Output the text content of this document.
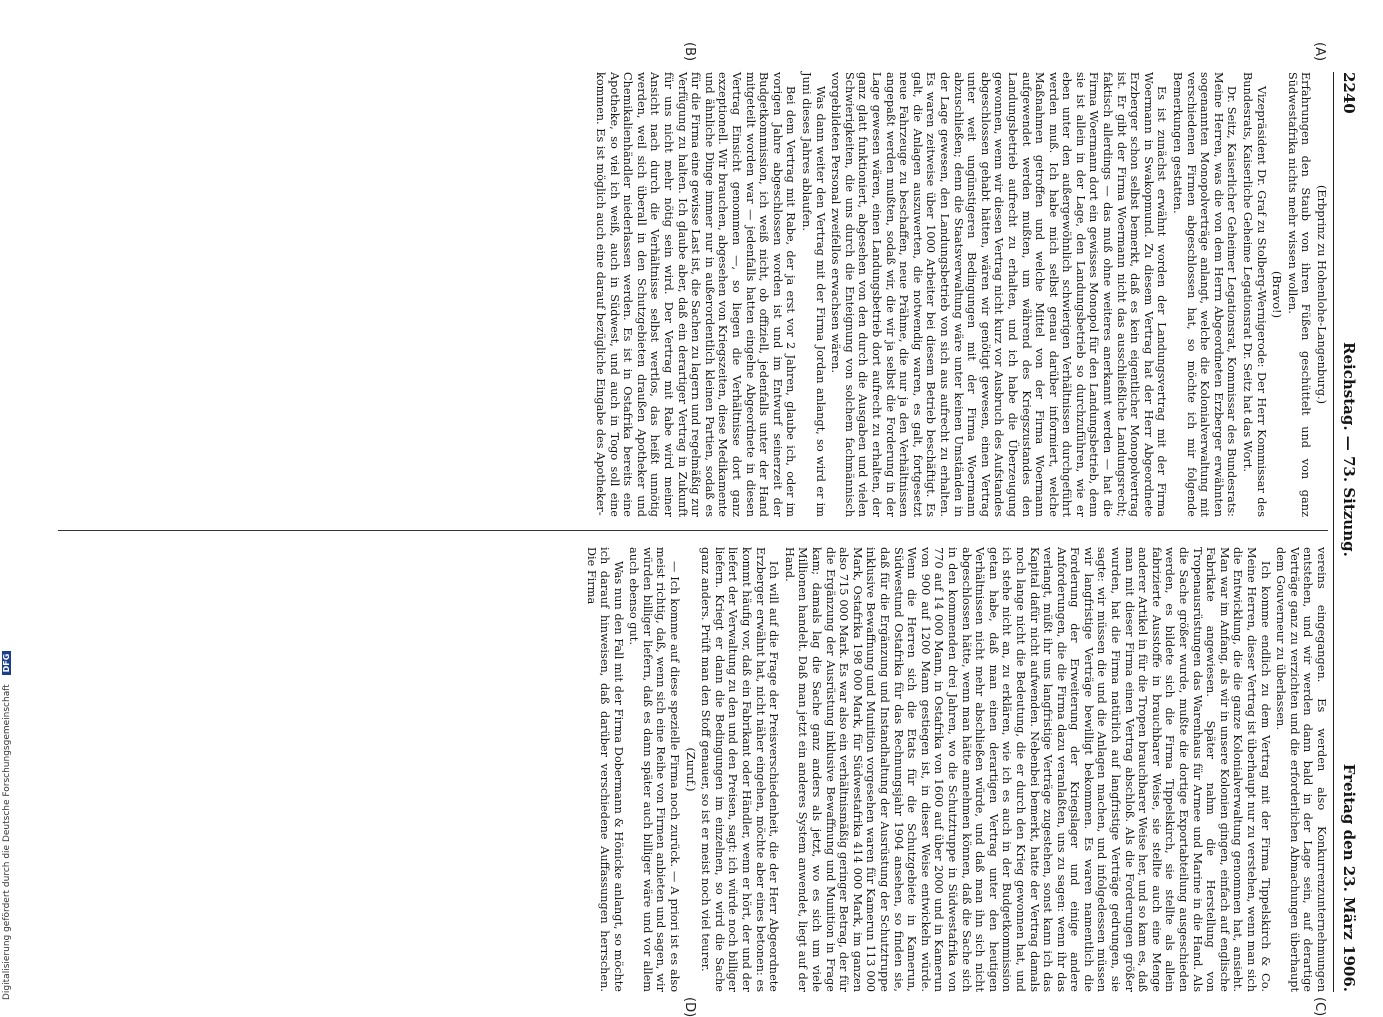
2240
Reichstag. — 73. Sitzung.
Freitag den 23. März 1906.
(A)
(B)
(C)
(D)

(Erbprinz zu Hohenlohe-Langenburg.)

Erfahrungen den Staub von ihren Füßen geschüttelt und von ganz Südwestafrika nichts mehr wissen wollen.

(Bravo!)

Vizepräsident Dr. Graf zu Stolberg-Wernigerode: Der Herr Kommissar des Bundesrats, Kaiserliche Geheime Legationsrat Dr. Seitz hat das Wort.

Dr. Seitz, Kaiserlicher Geheimer Legationsrat, Kommissar des Bundesrats: Meine Herren, was die von dem Herrn Abgeordneten Erzberger erwähnten sogenannten Monopolverträge anlangt, welche die Kolonialverwaltung mit verschiedenen Firmen abgeschlossen hat, so möchte ich mir folgende Bemerkungen gestatten.

Es ist zunächst erwähnt worden der Landungsvertrag mit der Firma Woermann in Swakopmund. Zu diesem Vertrag hat der Herr Abgeordnete Erzberger schon selbst bemerkt, daß es kein eigentlicher Monopolvertrag ist. Er gibt der Firma Woermann nicht das ausschließliche Landungsrecht; faktisch allerdings — das muß ohne weiteres anerkannt werden — hat die Firma Woermann dort ein gewisses Monopol für den Landungsbetrieb, denn sie ist allein in der Lage, den Landungsbetrieb so durchzuführen, wie er eben unter den außergewöhnlich schwierigen Verhältnissen durchgeführt werden muß. Ich habe mich selbst genau darüber informiert, welche Maßnahmen getroffen und welche Mittel von der Firma Woermann aufgewendet werden mußten, um während des Kriegszustandes den Landungsbetrieb aufrecht zu erhalten, und ich habe die Überzeugung gewonnen, wenn wir diesen Vertrag nicht kurz vor Ausbruch des Aufstandes abgeschlossen gehabt hätten, wären wir genötigt gewesen, einen Vertrag unter weit ungünstigeren Bedingungen mit der Firma Woermann abzuschließen; denn die Staatsverwaltung wäre unter keinen Umständen in der Lage gewesen, den Landungsbetrieb von sich aus aufrecht zu erhalten. Es waren zeitweise über 1000 Arbeiter bei diesem Betrieb beschäftigt. Es galt, die Anlagen auszuwerten, die notwendig waren, es galt, fortgesetzt neue Fahrzeuge zu beschaffen, neue Prähme, die nur ja den Verhältnissen angepaßt werden mußten, sodaß wir, die wir ja selbst die Forderung in der Lage gewesen wären, einen Landungsbetrieb dort aufrecht zu erhalten, der ganz glatt funktioniert, abgesehen von den durch die Ausgaben und vielen Schwierigkeiten, die uns durch die Enteignung von solchem fachmännisch vorgebildeten Personal zweifellos erwachsen wären.

Was dann weiter den Vertrag mit der Firma Jordan anlangt, so wird er im Juni dieses Jahres ablaufen.

Bei dem Vertrag mit Rabe, der ja erst vor 2 Jahren, glaube ich, oder im vorigen Jahre abgeschlossen worden ist und im Entwurf seinerzeit der Budgetkommission, ich weiß nicht, ob offiziell, jedenfalls unter der Hand mitgeteilt worden war — jedenfalls hatten eingelne Abgeordnete in diesen Vertrag Einsicht genommen —, so liegen die Verhältnisse dort ganz exzeptionell. Wir brauchen, abgesehen von Kriegszeiten, diese Medikamente und ähnliche Dinge immer nur in außerordentlich kleinen Partien, sodaß es für die Firma eine gewisse Last ist, die Sachen zu lagern und regelmäßig zur Verfügung zu halten. Ich glaube aber, daß ein derartiger Vertrag in Zukunft für uns nicht mehr nötig sein wird. Der Vertrag mit Rabe wird meiner Ansicht nach durch die Verhältnisse selbst wertlos, das heißt unnötig werden, weil sich überall in den Schutzgebieten draußen Apotheker und Chemikalienhändler niederlassen werden. Es ist in Ostafrika bereits eine Apotheke, so viel ich weiß, auch in Südwest, und auch in Togo soll eine kommen. Es ist möglich auch eine darauf bezügliche Eingabe des Apotheker-

vereins eingegangen. Es werden also Konkurrenzunternehmungen entstehen, und wir werden dann bald in der Lage sein, auf derartige Verträge ganz zu verzichten und die erforderlichen Abmachungen überhaupt dem Gouverneur zu überlassen.

Ich komme endlich zu dem Vertrag mit der Firma Tippelskirch & Co. Meine Herren, dieser Vertrag ist überhaupt nur zu verstehen, wenn man sich die Entwicklung, die die ganze Kolonialverwaltung genommen hat, ansieht. Man war im Anfang, als wir in unsere Kolonien gingen, einfach auf englische Fabrikate angewiesen. Später nahm die Herstellung von Tropenausrüstungen das Warenhaus für Armee und Marine in die Hand. Als die Sache größer wurde, mußte die dortige Exportabteilung ausgeschieden werden, es bildete sich die Firma Tippelskirch, sie stellte als allein fabrizierte Ausstoffe in brauchbarer Weise, sie stellte auch eine Menge anderer Artikel in für die Tropen brauchbarer Weise her, und so kam es, daß man mit dieser Firma einen Vertrag abschloß. Als die Forderungen größer wurden, hat die Firma natürlich auf langfristige Verträge gedrungen, sie sagte: wir müssen die und die Anlagen machen, und infolgedessen müssen wir langfristige Verträge bewilligt bekommen. Es waren namentlich die Forderung der Erweiterung der Kriegslager und einige andere Anforderungen, die die Firma dazu veranlaßten, uns zu sagen: wenn ihr das verlangt, müßt ihr uns langfristige Verträge zugestehen, sonst kann ich das Kapital dafür nicht aufwenden. Nebenbei bemerkt, hatte der Vertrag damals noch lange nicht die Bedeutung, die er durch den Krieg gewonnen hat, und ich stehe nicht an, zu erklären, wie ich es auch in der Budgetkommission getan habe, daß man einen derartigen Vertrag unter den heutigen Verhältnissen nicht mehr abschließen würde, und daß man ihn sich nicht abgeschlossen hätte, wenn man hätte annehmen können, daß die Sache sich in den kommenden drei Jahren, wo die Schutztruppe in Südwestafrika von 770 auf 14 000 Mann, in Ostafrika von 1600 auf über 2000 und in Kamerun von 900 auf 1200 Mann gestiegen ist, in dieser Weise entwickeln würde. Wenn die Herren sich die Etats für die Schutzgebiete in Kamerun, Südwestund Ostafrika für das Rechnungsjahr 1904 ansehen, so finden sie, daß für die Ergänzung und Instandhaltung der Ausrüstung der Schutztruppe inklusive Bewaffnung und Munition vorgesehen waren für Kamerun 113 000 Mark, Ostafrika 198 000 Mark, für Südwestafrika 414 000 Mark, im ganzen also 715 000 Mark. Es war also ein verhältnismäßig geringer Betrag, der für die Ergänzung der Ausrüstung inklusive Bewaffnung und Munition in Frage kam; damals lag die Sache ganz anders als jetzt, wo es sich um viele Millionen handelt. Daß man jetzt ein anderes System anwendet, liegt auf der Hand.

Ich will auf die Frage der Preisverschiedenheit, die der Herr Abgeordnete Erzberger erwähnt hat, nicht näher eingehen, möchte aber eines betonen: es kommt häufig vor, daß ein Fabrikant oder Händler, wenn er hört, der und der liefert der Verwaltung zu den und den Preisen, sagt: ich würde noch billiger liefern. Kriegt er dann die Bedingungen im einzelnen, so wird die Sache ganz anders. Prüft man den Stoff genauer, so ist er meist noch viel teurer.

(Zuruf.)

— Ich komme auf diese spezielle Firma noch zurück. — A priori ist es also meist richtig, daß, wenn sich eine Reihe von Firmen anbieten und sagen, wir würden billiger liefern, daß es dann später auch billiger wäre und vor allem auch ebenso gut.

Was nun den Fall mit der Firma Dobermann & Hönicke anlangt, so möchte ich darauf hinweisen, daß darüber verschiedene Auffassungen herrschen. Die Firma

Digitalisierung gefördert durch die Deutsche Forschungsgemeinschaft DFG
